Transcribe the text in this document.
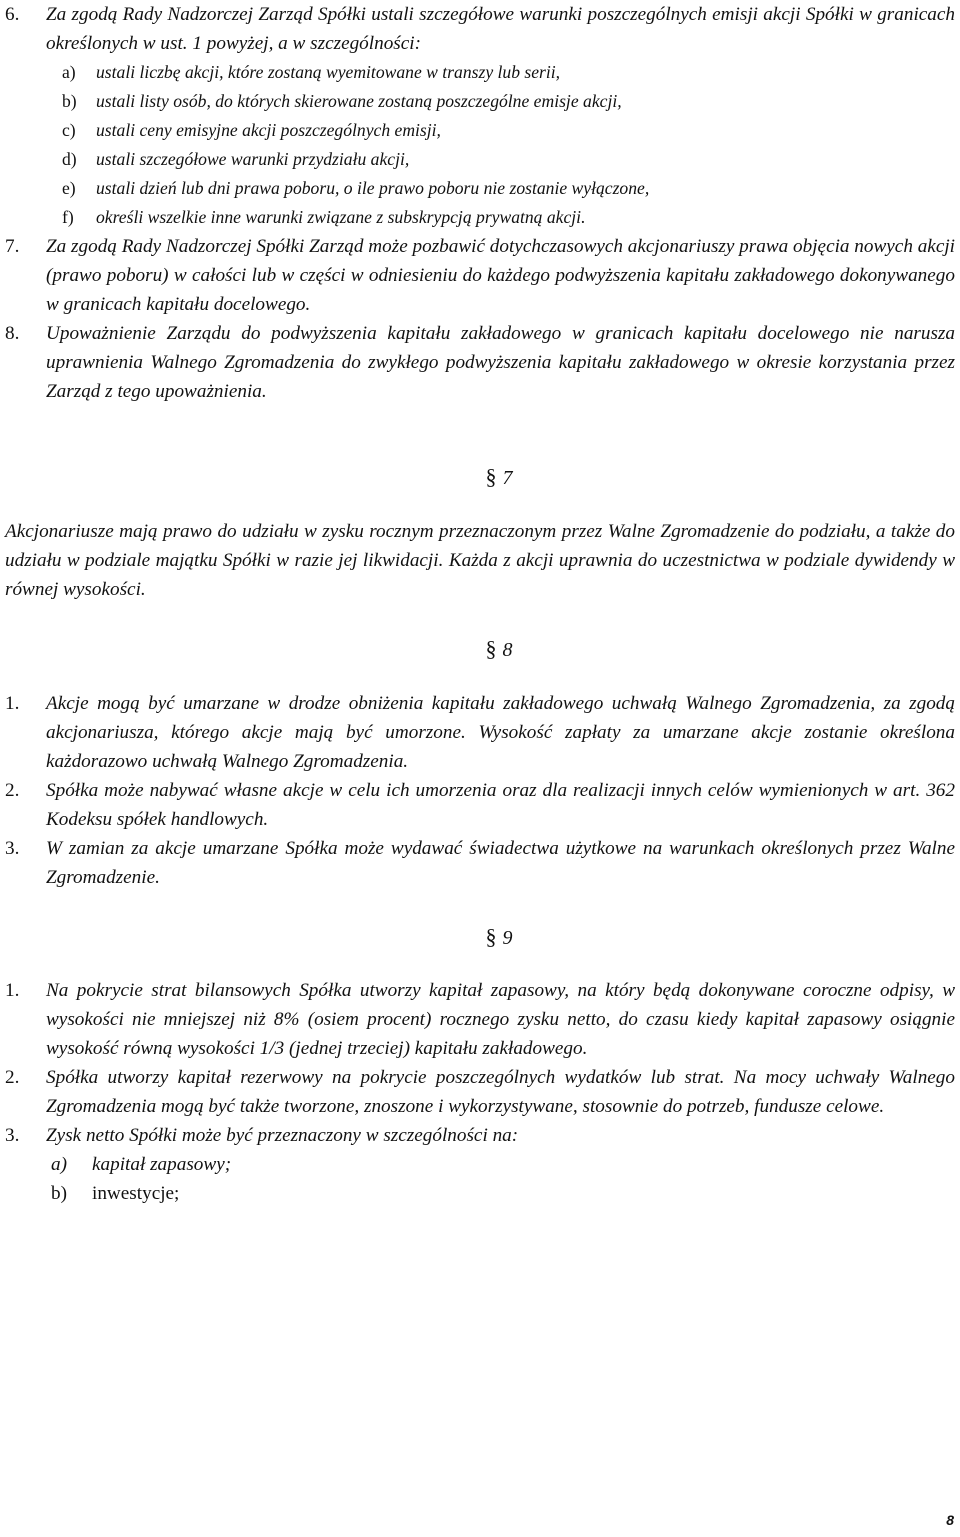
6. Za zgodą Rady Nadzorczej Zarząd Spółki ustali szczegółowe warunki poszczególnych emisji akcji Spółki w granicach określonych w ust. 1 powyżej, a w szczególności:
a) ustali liczbę akcji, które zostaną wyemitowane w transzy lub serii,
b) ustali listy osób, do których skierowane zostaną poszczególne emisje akcji,
c) ustali ceny emisyjne akcji poszczególnych emisji,
d) ustali szczegółowe warunki przydziału akcji,
e) ustali dzień lub dni prawa poboru, o ile prawo poboru nie zostanie wyłączone,
f) określi wszelkie inne warunki związane z subskrypcją prywatną akcji.
7. Za zgodą Rady Nadzorczej Spółki Zarząd może pozbawić dotychczasowych akcjonariuszy prawa objęcia nowych akcji (prawo poboru) w całości lub w części w odniesieniu do każdego podwyższenia kapitału zakładowego dokonywanego w granicach kapitału docelowego.
8. Upoważnienie Zarządu do podwyższenia kapitału zakładowego w granicach kapitału docelowego nie narusza uprawnienia Walnego Zgromadzenia do zwykłego podwyższenia kapitału zakładowego w okresie korzystania przez Zarząd z tego upoważnienia.
§ 7
Akcjonariusze mają prawo do udziału w zysku rocznym przeznaczonym przez Walne Zgromadzenie do podziału, a także do udziału w podziale majątku Spółki w razie jej likwidacji. Każda z akcji uprawnia do uczestnictwa w podziale dywidendy w równej wysokości.
§ 8
1. Akcje mogą być umarzane w drodze obniżenia kapitału zakładowego uchwałą Walnego Zgromadzenia, za zgodą akcjonariusza, którego akcje mają być umorzone. Wysokość zapłaty za umarzane akcje zostanie określona każdorazowo uchwałą Walnego Zgromadzenia.
2. Spółka może nabywać własne akcje w celu ich umorzenia oraz dla realizacji innych celów wymienionych w art. 362 Kodeksu spółek handlowych.
3. W zamian za akcje umarzane Spółka może wydawać świadectwa użytkowe na warunkach określonych przez Walne Zgromadzenie.
§ 9
1. Na pokrycie strat bilansowych Spółka utworzy kapitał zapasowy, na który będą dokonywane coroczne odpisy, w wysokości nie mniejszej niż 8% (osiem procent) rocznego zysku netto, do czasu kiedy kapitał zapasowy osiągnie wysokość równą wysokości 1/3 (jednej trzeciej) kapitału zakładowego.
2. Spółka utworzy kapitał rezerwowy na pokrycie poszczególnych wydatków lub strat. Na mocy uchwały Walnego Zgromadzenia mogą być także tworzone, znoszone i wykorzystywane, stosownie do potrzeb, fundusze celowe.
3. Zysk netto Spółki może być przeznaczony w szczególności na:
a) kapitał zapasowy;
b) inwestycje;
8
